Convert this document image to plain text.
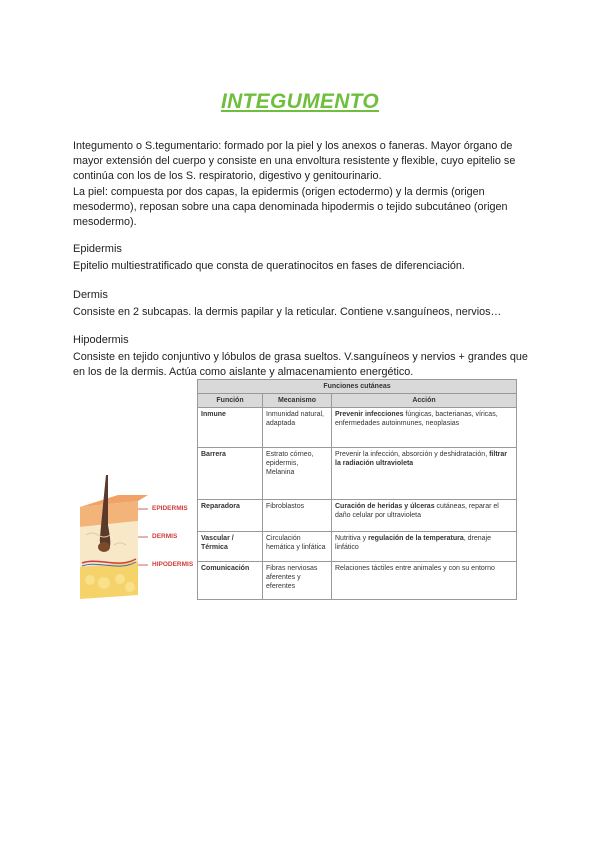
INTEGUMENTO
Integumento o S.tegumentario: formado por la piel y los anexos o faneras. Mayor órgano de mayor extensión del cuerpo y consiste en una envoltura resistente y flexible, cuyo epitelio se continúa con los de los S. respiratorio, digestivo y genitourinario.
La piel: compuesta por dos capas, la epidermis (origen ectodermo) y la dermis (origen mesodermo), reposan sobre una capa denominada hipodermis o tejido subcutáneo (origen mesodermo).
Epidermis
Epitelio multiestratificado que consta de queratinocitos en fases de diferenciación.
Dermis
Consiste en 2 subcapas. la dermis papilar y la reticular. Contiene v.sanguíneos, nervios…
Hipodermis
Consiste en tejido conjuntivo y lóbulos de grasa sueltos. V.sanguíneos y nervios + grandes que en los de la dermis. Actúa como aislante y almacenamiento energético.
EPIDERMIS
DERMIS
HIPODERMIS
Funciones cutáneas		
Función	Mecanismo	Acción
Inmune	Inmunidad natural, adaptada	Prevenir infecciones fúngicas, bacterianas, víricas, enfermedades autoinmunes, neoplasias
Barrera	Estrato córneo, epidermis, Melanina	Prevenir la infección, absorción y deshidratación, filtrar la radiación ultravioleta
Reparadora	Fibroblastos	Curación de heridas y úlceras cutáneas, reparar el daño celular por ultravioleta
Vascular / Térmica	Circulación hemática y linfática	Nutritiva y regulación de la temperatura, drenaje linfático
Comunicación	Fibras nerviosas aferentes y eferentes	Relaciones táctiles entre animales y con su entorno
